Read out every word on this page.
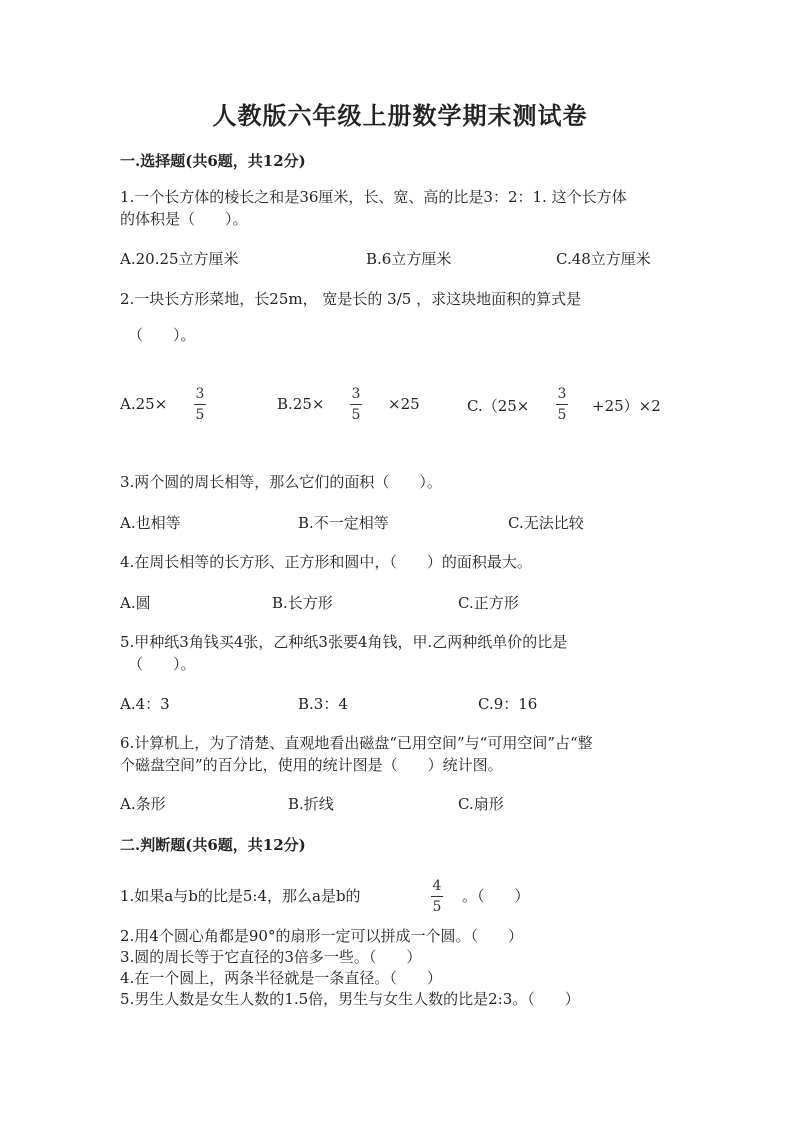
人教版六年级上册数学期末测试卷
一.选择题(共6题，共12分)
1.一个长方体的棱长之和是36厘米，长、宽、高的比是3：2：1. 这个长方体
的体积是（　　）。
A.20.25立方厘米	B.6立方厘米	C.48立方厘米
2.一块长方形菜地，长25m， 宽是长的 3/5 ，求这块地面积的算式是
（　　）。
A.25×
3
5
B.25×
3
5
×25	C.（25×
3
5 +25）×2
3.两个圆的周长相等，那么它们的面积（　　）。
A.也相等	B.不一定相等	C.无法比较
4.在周长相等的长方形、正方形和圆中，（　　）的面积最大。
A.圆	B.长方形	C.正方形
5.甲种纸3角钱买4张，乙种纸3张要4角钱，甲.乙两种纸单价的比是
（　　）。
A.4：3	B.3：4	C.9：16
6.计算机上，为了清楚、直观地看出磁盘“已用空间”与“可用空间”占“整
个磁盘空间”的百分比，使用的统计图是（　　）统计图。
A.条形	B.折线	C.扇形
二.判断题(共6题，共12分)
1.如果a与b的比是5:4，那么a是b的
4
5
。（　　）
2.用4个圆心角都是90°的扇形一定可以拼成一个圆。（　　）
3.圆的周长等于它直径的3倍多一些。（　　）
4.在一个圆上，两条半径就是一条直径。（　　）
5.男生人数是女生人数的1.5倍，男生与女生人数的比是2:3。（　　）
